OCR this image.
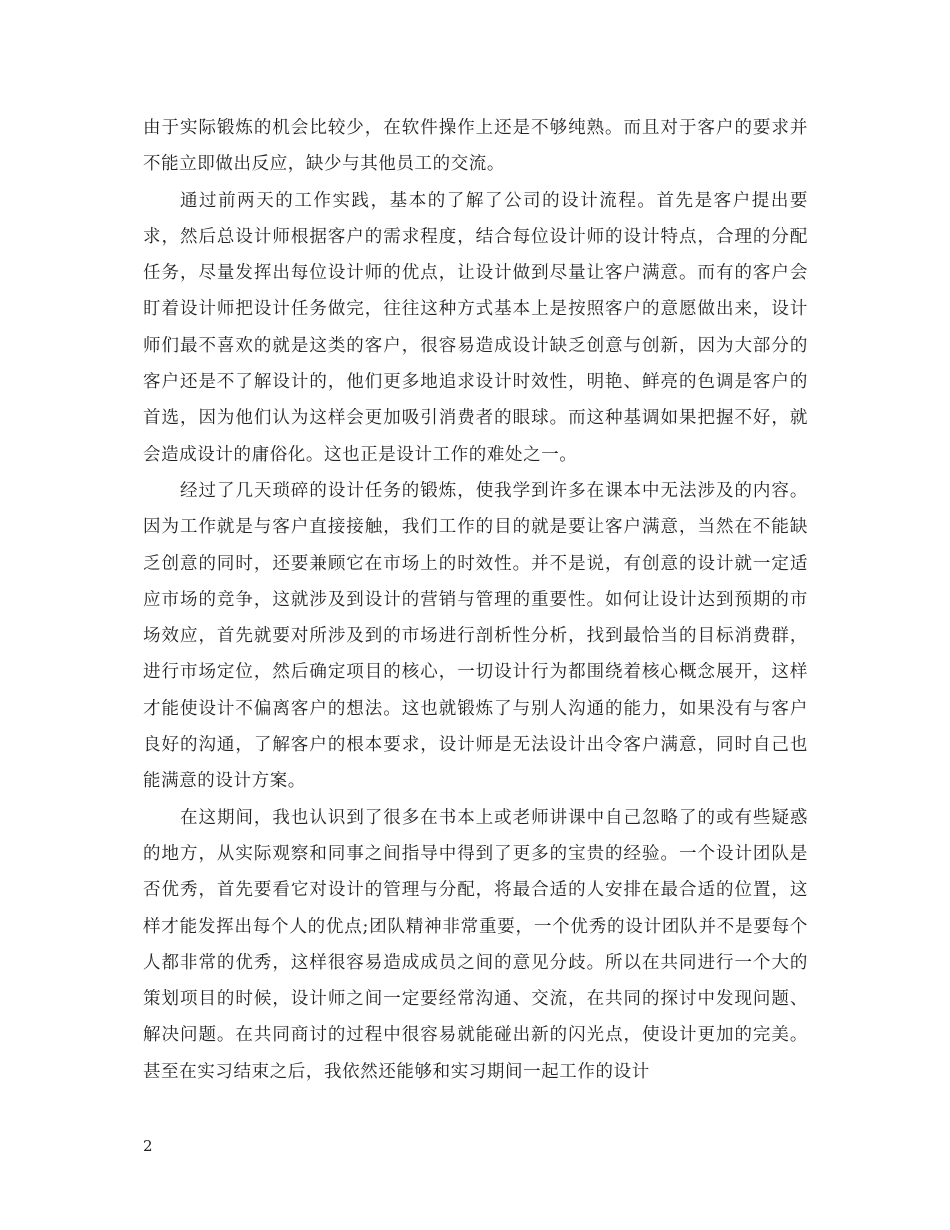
由于实际锻炼的机会比较少，在软件操作上还是不够纯熟。而且对于客户的要求并不能立即做出反应，缺少与其他员工的交流。

通过前两天的工作实践，基本的了解了公司的设计流程。首先是客户提出要求，然后总设计师根据客户的需求程度，结合每位设计师的设计特点，合理的分配任务，尽量发挥出每位设计师的优点，让设计做到尽量让客户满意。而有的客户会盯着设计师把设计任务做完，往往这种方式基本上是按照客户的意愿做出来，设计师们最不喜欢的就是这类的客户，很容易造成设计缺乏创意与创新，因为大部分的客户还是不了解设计的，他们更多地追求设计时效性，明艳、鲜亮的色调是客户的首选，因为他们认为这样会更加吸引消费者的眼球。而这种基调如果把握不好，就会造成设计的庸俗化。这也正是设计工作的难处之一。

经过了几天琐碎的设计任务的锻炼，使我学到许多在课本中无法涉及的内容。因为工作就是与客户直接接触，我们工作的目的就是要让客户满意，当然在不能缺乏创意的同时，还要兼顾它在市场上的时效性。并不是说，有创意的设计就一定适应市场的竞争，这就涉及到设计的营销与管理的重要性。如何让设计达到预期的市场效应，首先就要对所涉及到的市场进行剖析性分析，找到最恰当的目标消费群，进行市场定位，然后确定项目的核心，一切设计行为都围绕着核心概念展开，这样才能使设计不偏离客户的想法。这也就锻炼了与别人沟通的能力，如果没有与客户良好的沟通，了解客户的根本要求，设计师是无法设计出令客户满意，同时自己也能满意的设计方案。

在这期间，我也认识到了很多在书本上或老师讲课中自己忽略了的或有些疑惑的地方，从实际观察和同事之间指导中得到了更多的宝贵的经验。一个设计团队是否优秀，首先要看它对设计的管理与分配，将最合适的人安排在最合适的位置，这样才能发挥出每个人的优点;团队精神非常重要，一个优秀的设计团队并不是要每个人都非常的优秀，这样很容易造成成员之间的意见分歧。所以在共同进行一个大的策划项目的时候，设计师之间一定要经常沟通、交流，在共同的探讨中发现问题、解决问题。在共同商讨的过程中很容易就能碰出新的闪光点，使设计更加的完美。甚至在实习结束之后，我依然还能够和实习期间一起工作的设计

2
